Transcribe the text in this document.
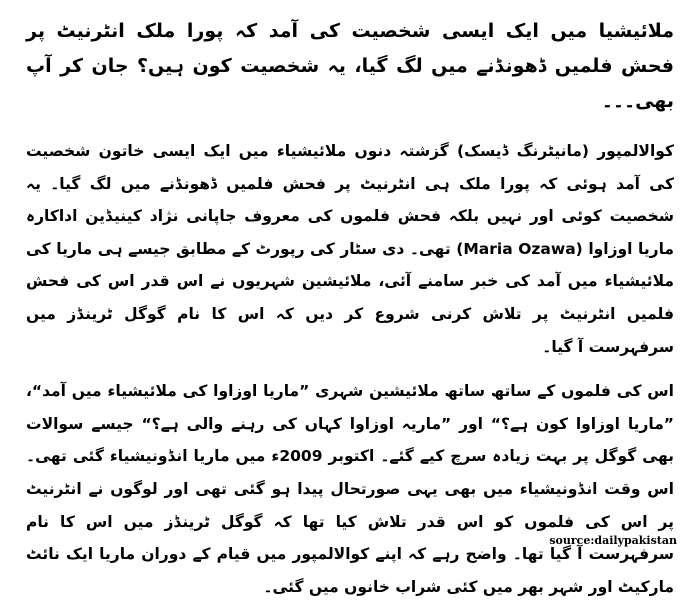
ملائیشیا میں ایک ایسی شخصیت کی آمد کہ پورا ملک انٹرنیٹ پر فحش فلمیں ڈھونڈنے میں لگ گیا، یہ شخصیت کون ہیں؟ جان کر آپ بھی۔۔۔
کوالالمپور (مانیٹرنگ ڈیسک) گزشتہ دنوں ملائیشیاء میں ایک ایسی خاتون شخصیت کی آمد ہوئی کہ پورا ملک ہی انٹرنیٹ پر فحش فلمیں ڈھونڈنے میں لگ گیا۔ یہ شخصیت کوئی اور نہیں بلکہ فحش فلموں کی معروف جاپانی نژاد کینیڈین اداکارہ ماریا اوزاوا (Maria Ozawa) تھی۔ دی سٹار کی رپورٹ کے مطابق جیسے ہی ماریا کی ملائیشیاء میں آمد کی خبر سامنے آئی، ملائیشین شہریوں نے اس قدر اس کی فحش فلمیں انٹرنیٹ پر تلاش کرنی شروع کر دیں کہ اس کا نام گوگل ٹرینڈز میں سرفہرست آ گیا۔
اس کی فلموں کے ساتھ ساتھ ملائیشین شہری ”ماریا اوزاوا کی ملائیشیاء میں آمد“، ”ماریا اوزاوا کون ہے؟“ اور ”ماریہ اوزاوا کہاں کی رہنے والی ہے؟“ جیسے سوالات بھی گوگل پر بہت زیادہ سرچ کیے گئے۔ اکتوبر 2009ء میں ماریا انڈونیشیاء گئی تھی۔ اس وقت انڈونیشیاء میں بھی یہی صورتحال پیدا ہو گئی تھی اور لوگوں نے انٹرنیٹ پر اس کی فلموں کو اس قدر تلاش کیا تھا کہ گوگل ٹرینڈز میں اس کا نام سرفہرست آ گیا تھا۔ واضح رہے کہ اپنے کوالالمپور میں قیام کے دوران ماریا ایک نائٹ مارکیٹ اور شہر بھر میں کئی شراب خانوں میں گئی۔
source:dailypakistan
